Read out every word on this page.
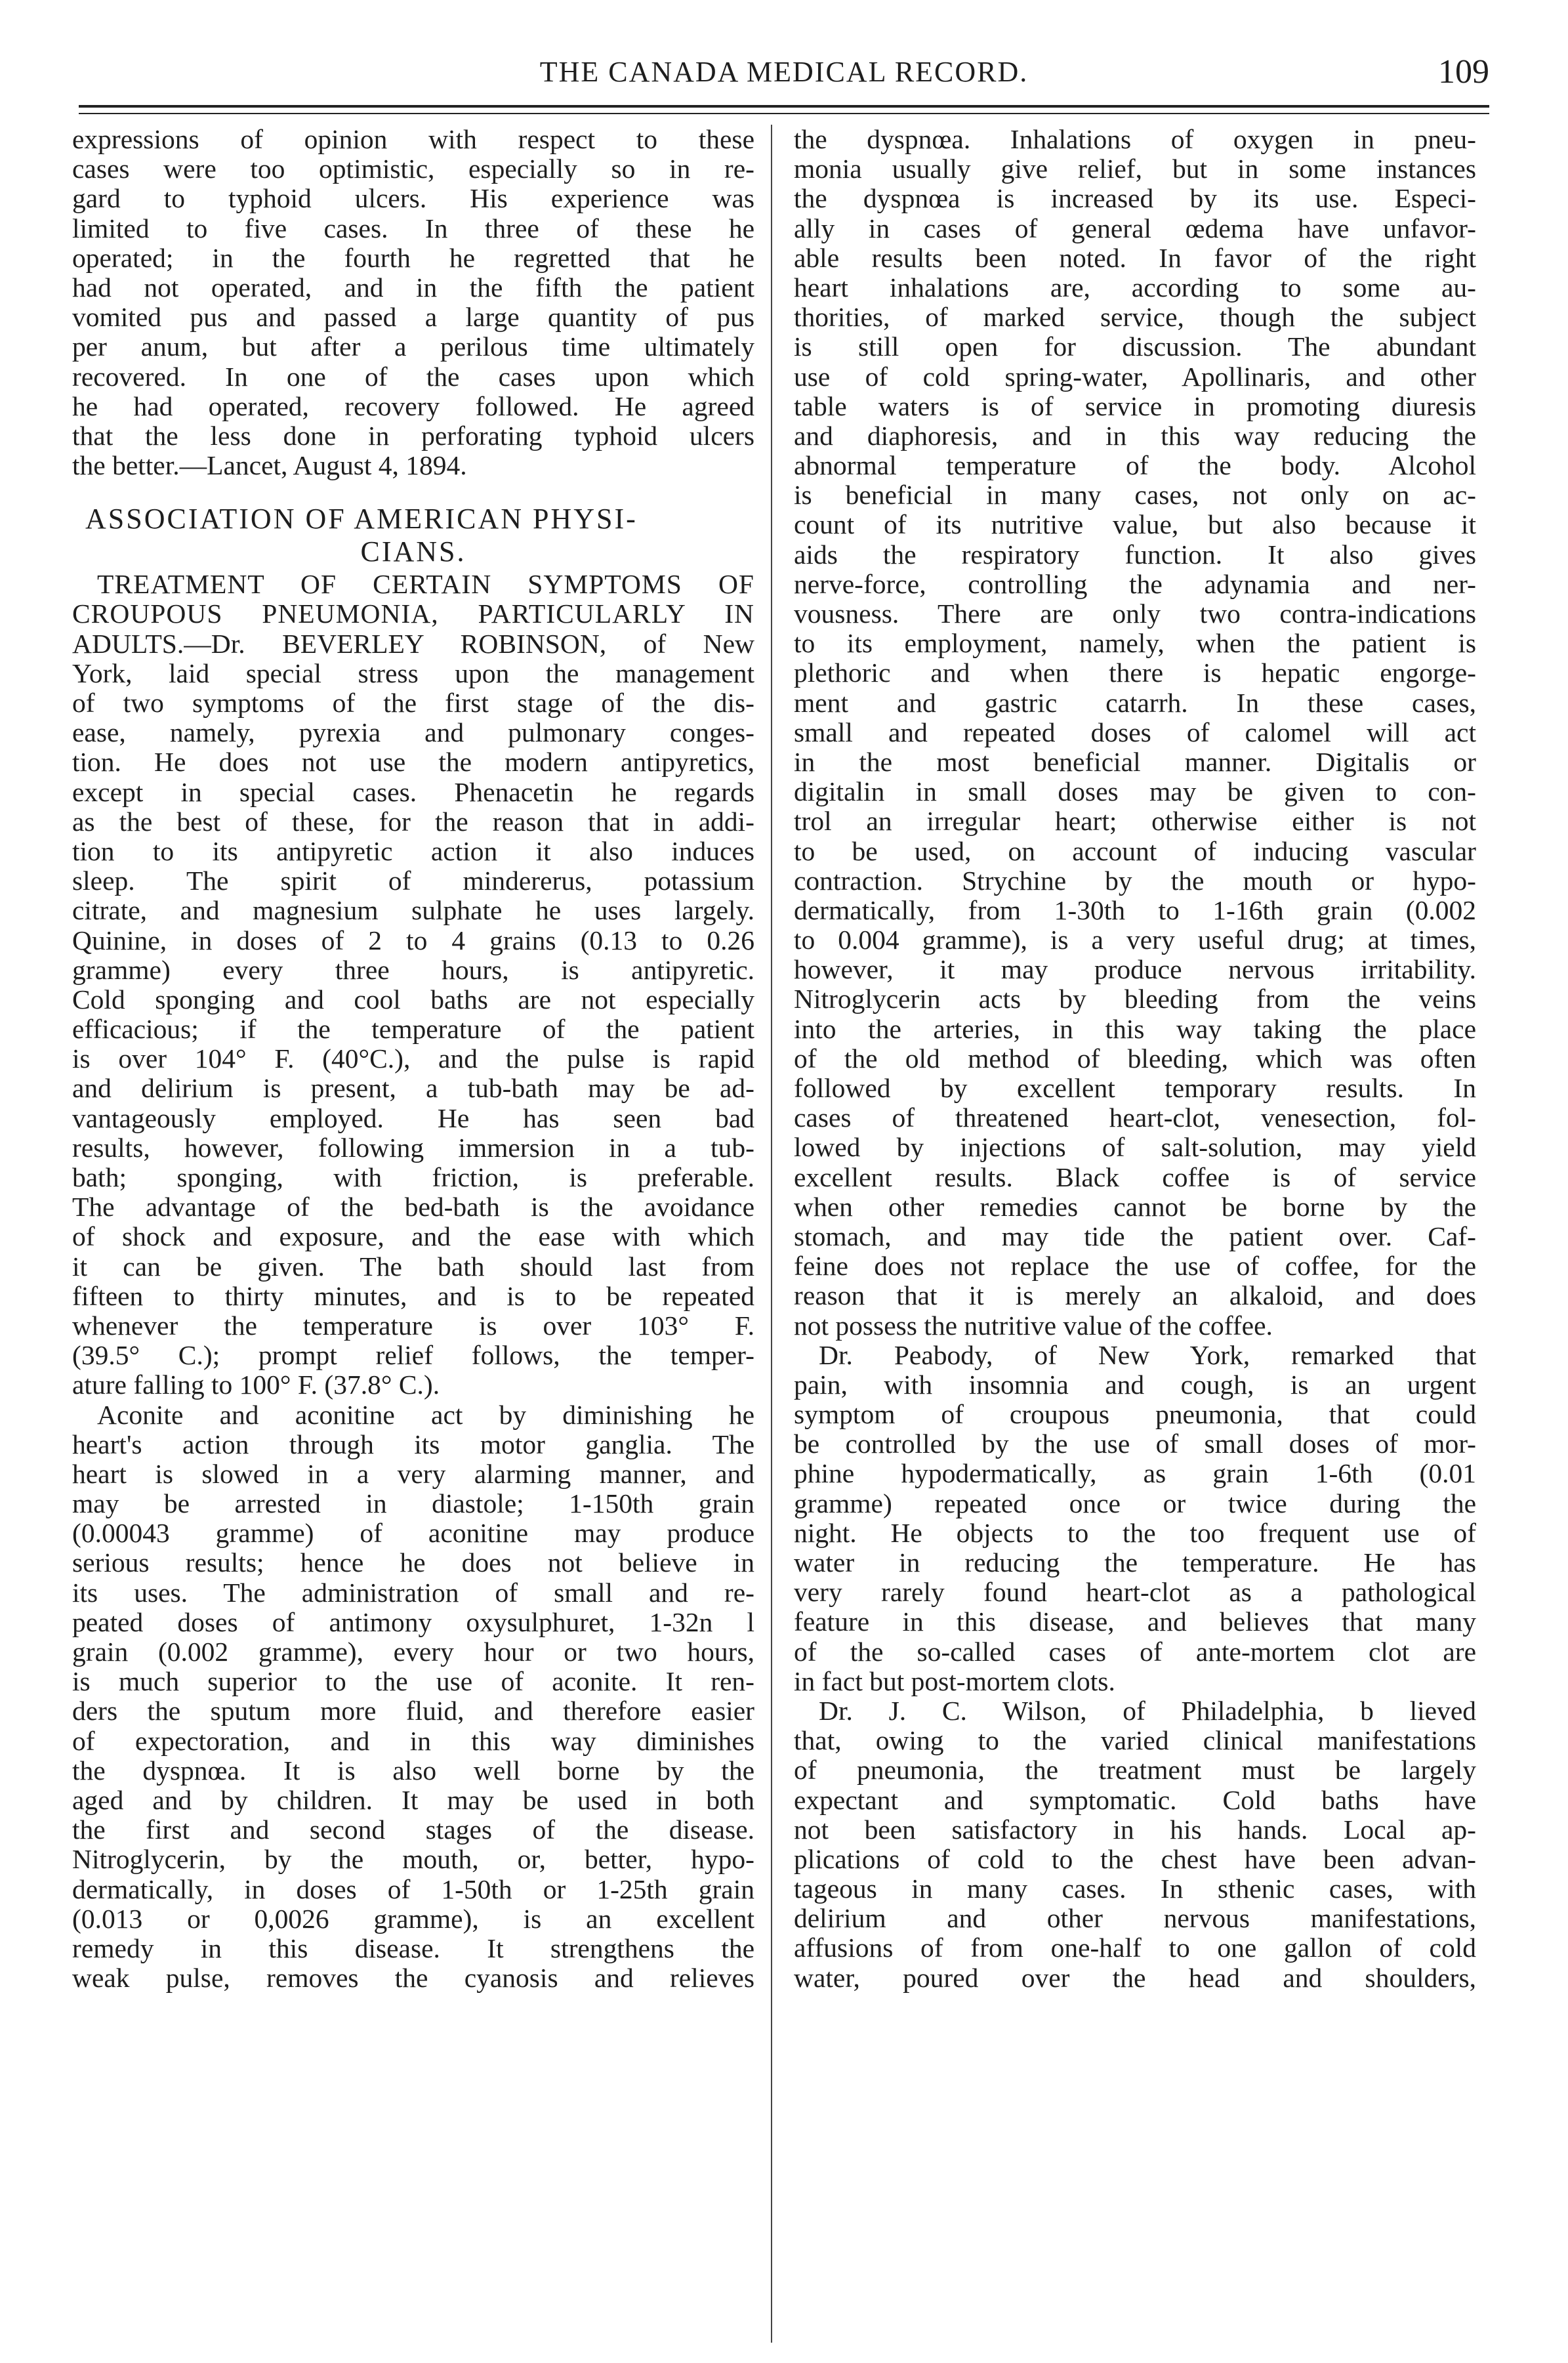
THE CANADA MEDICAL RECORD.	109
expressions of opinion with respect to these
cases were too optimistic, especially so in re-
gard to typhoid ulcers. His experience was
limited to five cases. In three of these he
operated; in the fourth he regretted that he
had not operated, and in the fifth the patient
vomited pus and passed a large quantity of pus
per anum, but after a perilous time ultimately
recovered. In one of the cases upon which
he had operated, recovery followed. He agreed
that the less done in perforating typhoid ulcers
the better.—Lancet, August 4, 1894.
ASSOCIATION OF AMERICAN PHYSI-
CIANS.
TREATMENT OF CERTAIN SYMPTOMS OF
CROUPOUS PNEUMONIA, PARTICULARLY IN
ADULTS.—Dr. BEVERLEY ROBINSON, of New
York, laid special stress upon the management
of two symptoms of the first stage of the dis-
ease, namely, pyrexia and pulmonary conges-
tion. He does not use the modern antipyretics,
except in special cases. Phenacetin he regards
as the best of these, for the reason that in addi-
tion to its antipyretic action it also induces
sleep. The spirit of mindererus, potassium
citrate, and magnesium sulphate he uses largely.
Quinine, in doses of 2 to 4 grains (0.13 to 0.26
gramme) every three hours, is antipyretic.
Cold sponging and cool baths are not especially
efficacious; if the temperature of the patient
is over 104° F. (40°C.), and the pulse is rapid
and delirium is present, a tub-bath may be ad-
vantageously employed. He has seen bad
results, however, following immersion in a tub-
bath; sponging, with friction, is preferable.
The advantage of the bed-bath is the avoidance
of shock and exposure, and the ease with which
it can be given. The bath should last from
fifteen to thirty minutes, and is to be repeated
whenever the temperature is over 103° F.
(39.5° C.); prompt relief follows, the temper-
ature falling to 100° F. (37.8° C.).
Aconite and aconitine act by diminishing he
heart's action through its motor ganglia. The
heart is slowed in a very alarming manner, and
may be arrested in diastole; 1-150th grain
(0.00043 gramme) of aconitine may produce
serious results; hence he does not believe in
its uses. The administration of small and re-
peated doses of antimony oxysulphuret, 1-32n l
grain (0.002 gramme), every hour or two hours,
is much superior to the use of aconite. It ren-
ders the sputum more fluid, and therefore easier
of expectoration, and in this way diminishes
the dyspnœa. It is also well borne by the
aged and by children. It may be used in both
the first and second stages of the disease.
Nitroglycerin, by the mouth, or, better, hypo-
dermatically, in doses of 1-50th or 1-25th grain
(0.013 or 0,0026 gramme), is an excellent
remedy in this disease. It strengthens the
weak pulse, removes the cyanosis and relieves
the dyspnœa. Inhalations of oxygen in pneu-
monia usually give relief, but in some instances
the dyspnœa is increased by its use. Especi-
ally in cases of general œdema have unfavor-
able results been noted. In favor of the right
heart inhalations are, according to some au-
thorities, of marked service, though the subject
is still open for discussion. The abundant
use of cold spring-water, Apollinaris, and other
table waters is of service in promoting diuresis
and diaphoresis, and in this way reducing the
abnormal temperature of the body. Alcohol
is beneficial in many cases, not only on ac-
count of its nutritive value, but also because it
aids the respiratory function. It also gives
nerve-force, controlling the adynamia and ner-
vousness. There are only two contra-indications
to its employment, namely, when the patient is
plethoric and when there is hepatic engorge-
ment and gastric catarrh. In these cases,
small and repeated doses of calomel will act
in the most beneficial manner. Digitalis or
digitalin in small doses may be given to con-
trol an irregular heart; otherwise either is not
to be used, on account of inducing vascular
contraction. Strychine by the mouth or hypo-
dermatically, from 1-30th to 1-16th grain (0.002
to 0.004 gramme), is a very useful drug; at times,
however, it may produce nervous irritability.
Nitroglycerin acts by bleeding from the veins
into the arteries, in this way taking the place
of the old method of bleeding, which was often
followed by excellent temporary results. In
cases of threatened heart-clot, venesection, fol-
lowed by injections of salt-solution, may yield
excellent results. Black coffee is of service
when other remedies cannot be borne by the
stomach, and may tide the patient over. Caf-
feine does not replace the use of coffee, for the
reason that it is merely an alkaloid, and does
not possess the nutritive value of the coffee.
Dr. Peabody, of New York, remarked that
pain, with insomnia and cough, is an urgent
symptom of croupous pneumonia, that could
be controlled by the use of small doses of mor-
phine hypodermatically, as grain 1-6th (0.01
gramme) repeated once or twice during the
night. He objects to the too frequent use of
water in reducing the temperature. He has
very rarely found heart-clot as a pathological
feature in this disease, and believes that many
of the so-called cases of ante-mortem clot are
in fact but post-mortem clots.
Dr. J. C. Wilson, of Philadelphia, b lieved
that, owing to the varied clinical manifestations
of pneumonia, the treatment must be largely
expectant and symptomatic. Cold baths have
not been satisfactory in his hands. Local ap-
plications of cold to the chest have been advan-
tageous in many cases. In sthenic cases, with
delirium and other nervous manifestations,
affusions of from one-half to one gallon of cold
water, poured over the head and shoulders,
